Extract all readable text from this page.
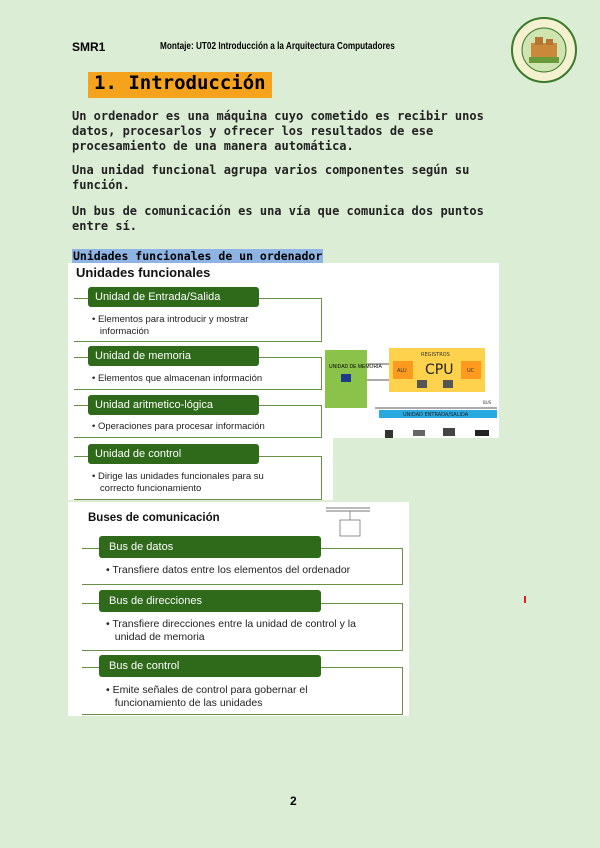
SMR1	Montaje: UT02 Introducción a la Arquitectura Computadores
1. Introducción
Un ordenador es una máquina cuyo cometido es recibir unos
datos, procesarlos y ofrecer los resultados de ese
procesamiento de una manera automática.
Una unidad funcional agrupa varios componentes según su
función.
Un bus de comunicación es una vía que comunica dos puntos
entre sí.
Unidades funcionales de un ordenador
Unidades funcionales
Unidad de Entrada/Salida
• Elementos para introducir y mostrar
información
Unidad de memoria
• Elementos que almacenan información
Unidad aritmetico-lógica
• Operaciones para procesar información
Unidad de control
• Dirige las unidades funcionales para su
correcto funcionamiento
UNIDAD DE MEMORIA
REGISTROS
ALU CPU	UC
BUS
UNIDAD ENTRADA/SALIDA
Buses de comunicación
Bus de datos
• Transfiere datos entre los elementos del ordenador
Bus de direcciones
• Transfiere direcciones entre la unidad de control y la
unidad de memoria
Bus de control
• Emite señales de control para gobernar el
funcionamiento de las unidades
2
